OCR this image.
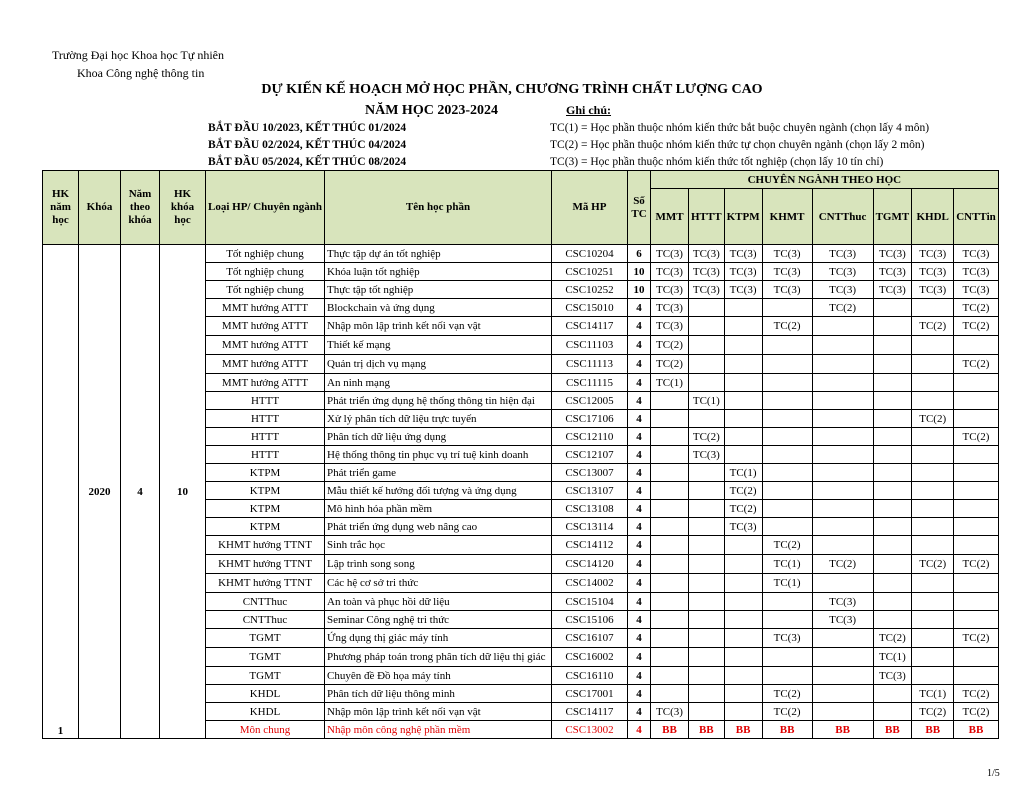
Trường Đại học Khoa học Tự nhiên
Khoa Công nghệ thông tin
DỰ KIẾN KẾ HOẠCH MỞ HỌC PHẦN, CHƯƠNG TRÌNH CHẤT LƯỢNG CAO
NĂM HỌC 2023-2024	Ghi chú:
BẮT ĐẦU 10/2023, KẾT THÚC 01/2024
BẮT ĐẦU 02/2024, KẾT THÚC 04/2024
BẮT ĐẦU 05/2024, KẾT THÚC 08/2024
TC(1) = Học phần thuộc nhóm kiến thức bắt buộc chuyên ngành (chọn lấy 4 môn)
TC(2) = Học phần thuộc nhóm kiến thức tự chọn chuyên ngành (chọn lấy 2 môn)
TC(3) = Học phần thuộc nhóm kiến thức tốt nghiệp (chọn lấy 10 tín chỉ)
HK năm học	Khóa	Năm theo khóa	HK khóa học	Loại HP/ Chuyên ngành	Tên học phần	Mã HP	Số TC	CHUYÊN NGÀNH THEO HỌC							
								MMT	HTTT	KTPM	KHMT	CNTThuc	TGMT	KHDL	CNTTin
1	2020	4	10	Tốt nghiệp chung	Thực tập dự án tốt nghiệp	CSC10204	6	TC(3)	TC(3)	TC(3)	TC(3)	TC(3)	TC(3)	TC(3)	TC(3)
				Tốt nghiệp chung	Khóa luận tốt nghiệp	CSC10251	10	TC(3)	TC(3)	TC(3)	TC(3)	TC(3)	TC(3)	TC(3)	TC(3)
				Tốt nghiệp chung	Thực tập tốt nghiệp	CSC10252	10	TC(3)	TC(3)	TC(3)	TC(3)	TC(3)	TC(3)	TC(3)	TC(3)
				MMT hướng ATTT	Blockchain và ứng dụng	CSC15010	4	TC(3)				TC(2)			TC(2)
				MMT hướng ATTT	Nhập môn lập trình kết nối vạn vật	CSC14117	4	TC(3)			TC(2)			TC(2)	TC(2)
				MMT hướng ATTT	Thiết kế mạng	CSC11103	4	TC(2)							
				MMT hướng ATTT	Quản trị dịch vụ mạng	CSC11113	4	TC(2)							TC(2)
				MMT hướng ATTT	An ninh mạng	CSC11115	4	TC(1)							
				HTTT	Phát triển ứng dụng hệ thống thông tin hiện đại	CSC12005	4		TC(1)						
				HTTT	Xử lý phân tích dữ liệu trực tuyến	CSC17106	4							TC(2)	
				HTTT	Phân tích dữ liệu ứng dụng	CSC12110	4		TC(2)						TC(2)
				HTTT	Hệ thống thông tin phục vụ trí tuệ kinh doanh	CSC12107	4		TC(3)						
				KTPM	Phát triển game	CSC13007	4			TC(1)					
				KTPM	Mẫu thiết kế hướng đối tượng và ứng dụng	CSC13107	4			TC(2)					
				KTPM	Mô hình hóa phần mềm	CSC13108	4			TC(2)					
				KTPM	Phát triển ứng dụng web nâng cao	CSC13114	4			TC(3)					
				KHMT hướng TTNT	Sinh trắc học	CSC14112	4				TC(2)				
				KHMT hướng TTNT	Lập trình song song	CSC14120	4				TC(1)	TC(2)		TC(2)	TC(2)
				KHMT hướng TTNT	Các hệ cơ sở tri thức	CSC14002	4				TC(1)				
				CNTThuc	An toàn và phục hồi dữ liệu	CSC15104	4					TC(3)			
				CNTThuc	Seminar Công nghệ tri thức	CSC15106	4					TC(3)			
				TGMT	Ứng dụng thị giác máy tính	CSC16107	4				TC(3)		TC(2)		TC(2)
				TGMT	Phương pháp toán trong phân tích dữ liệu thị giác	CSC16002	4						TC(1)		
				TGMT	Chuyên đề Đồ họa máy tính	CSC16110	4						TC(3)		
				KHDL	Phân tích dữ liệu thông minh	CSC17001	4				TC(2)			TC(1)	TC(2)
				KHDL	Nhập môn lập trình kết nối vạn vật	CSC14117	4	TC(3)			TC(2)			TC(2)	TC(2)
				Môn chung	Nhập môn công nghệ phần mềm	CSC13002	4	BB	BB	BB	BB	BB	BB	BB	BB
1/5
